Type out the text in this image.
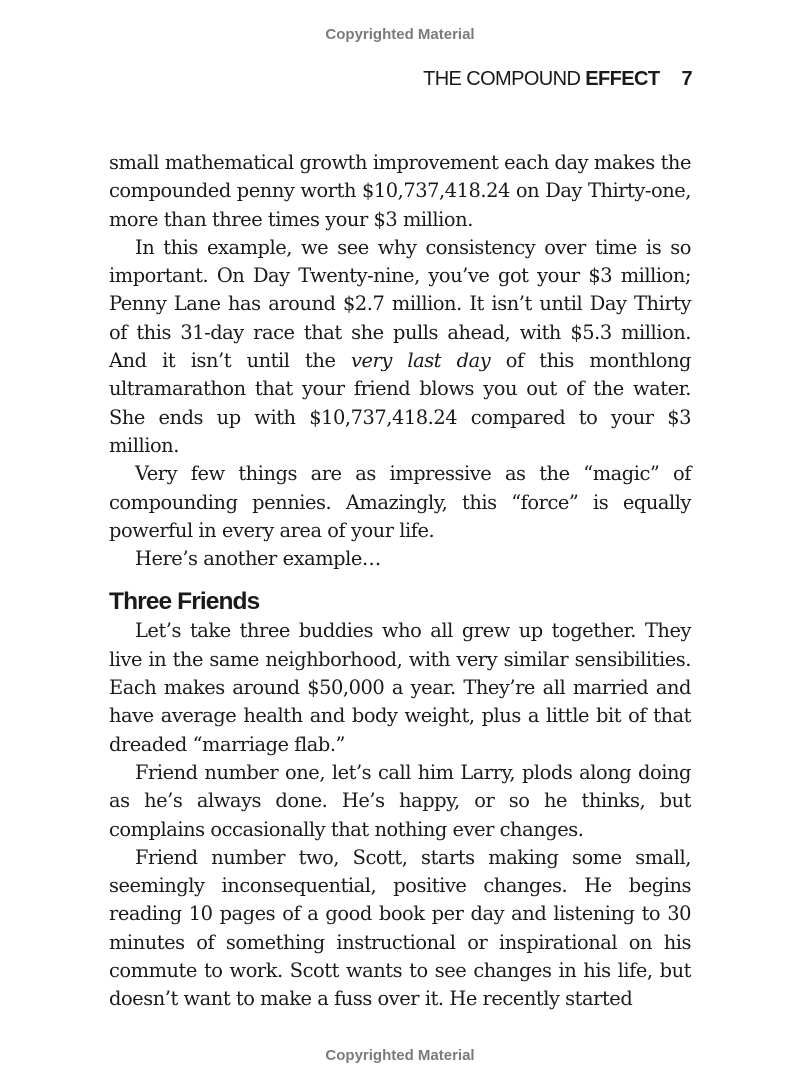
Copyrighted Material
THE COMPOUND EFFECT 7

small mathematical growth improvement each day makes the compounded penny worth $10,737,418.24 on Day Thirty-one, more than three times your $3 million.

In this example, we see why consistency over time is so important. On Day Twenty-nine, you’ve got your $3 million; Penny Lane has around $2.7 million. It isn’t until Day Thirty of this 31-day race that she pulls ahead, with $5.3 million. And it isn’t until the very last day of this monthlong ultramarathon that your friend blows you out of the water. She ends up with $10,737,418.24 compared to your $3 million.

Very few things are as impressive as the “magic” of compounding pennies. Amazingly, this “force” is equally powerful in every area of your life.

Here’s another example…

Three Friends

Let’s take three buddies who all grew up together. They live in the same neighborhood, with very similar sensibilities. Each makes around $50,000 a year. They’re all married and have average health and body weight, plus a little bit of that dreaded “marriage flab.”

Friend number one, let’s call him Larry, plods along doing as he’s always done. He’s happy, or so he thinks, but complains occasionally that nothing ever changes.

Friend number two, Scott, starts making some small, seemingly inconsequential, positive changes. He begins reading 10 pages of a good book per day and listening to 30 minutes of something instructional or inspirational on his commute to work. Scott wants to see changes in his life, but doesn’t want to make a fuss over it. He recently started

Copyrighted Material
